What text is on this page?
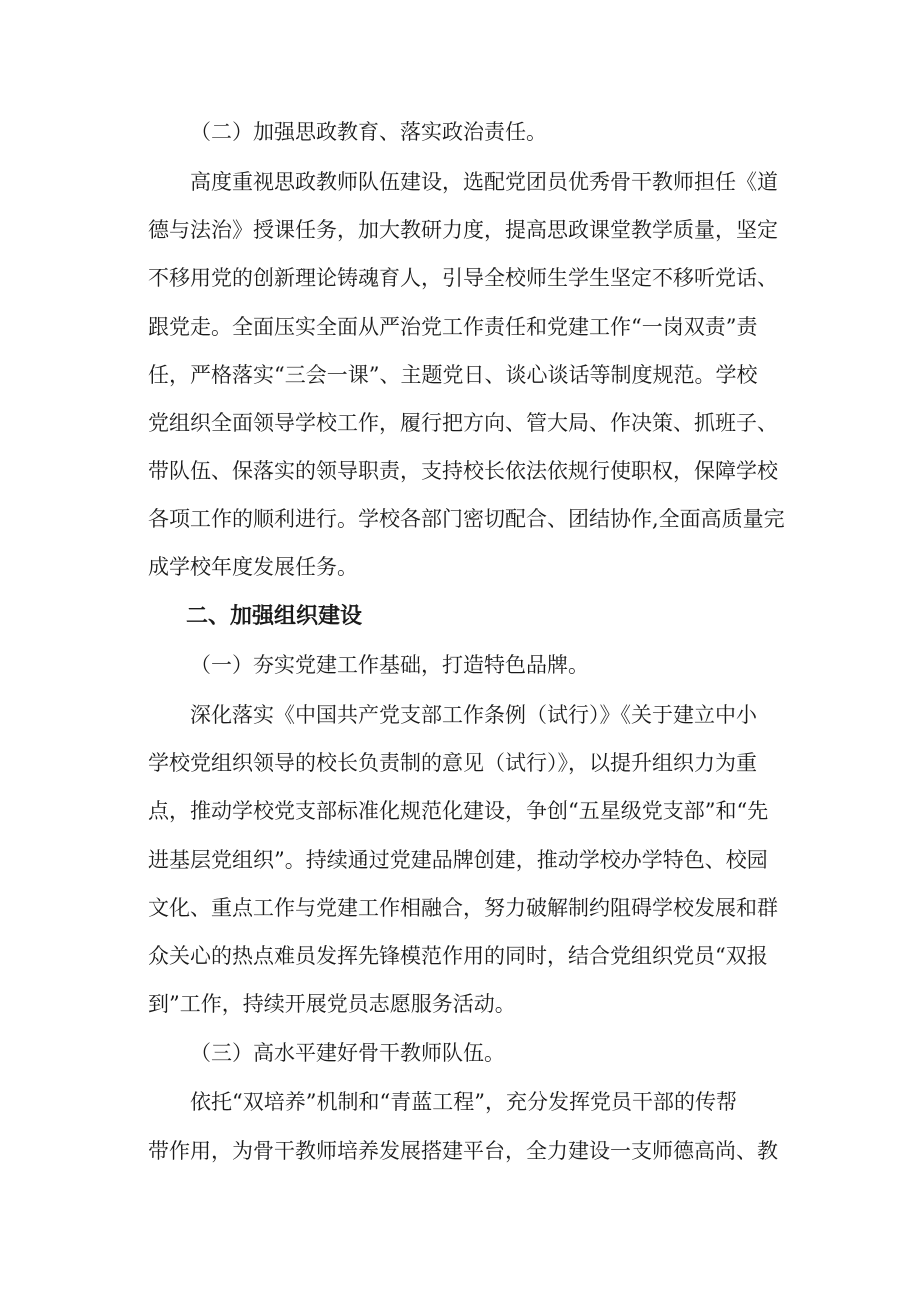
（二）加强思政教育、落实政治责任。
高度重视思政教师队伍建设，选配党团员优秀骨干教师担任《道
德与法治》授课任务，加大教研力度，提高思政课堂教学质量，坚定
不移用党的创新理论铸魂育人，引导全校师生学生坚定不移听党话、
跟党走。全面压实全面从严治党工作责任和党建工作“一岗双责”责
任，严格落实“三会一课”、主题党日、谈心谈话等制度规范。学校
党组织全面领导学校工作，履行把方向、管大局、作决策、抓班子、
带队伍、保落实的领导职责，支持校长依法依规行使职权，保障学校
各项工作的顺利进行。学校各部门密切配合、团结协作,全面高质量完
成学校年度发展任务。
二、加强组织建设
（一）夯实党建工作基础，打造特色品牌。
深化落实《中国共产党支部工作条例（试行）》《关于建立中小
学校党组织领导的校长负责制的意见（试行）》，以提升组织力为重
点，推动学校党支部标准化规范化建设，争创“五星级党支部”和“先
进基层党组织”。持续通过党建品牌创建，推动学校办学特色、校园
文化、重点工作与党建工作相融合，努力破解制约阻碍学校发展和群
众关心的热点难员发挥先锋模范作用的同时，结合党组织党员“双报
到”工作，持续开展党员志愿服务活动。
（三）高水平建好骨干教师队伍。
依托“双培养”机制和“青蓝工程”，充分发挥党员干部的传帮
带作用，为骨干教师培养发展搭建平台，全力建设一支师德高尚、教
